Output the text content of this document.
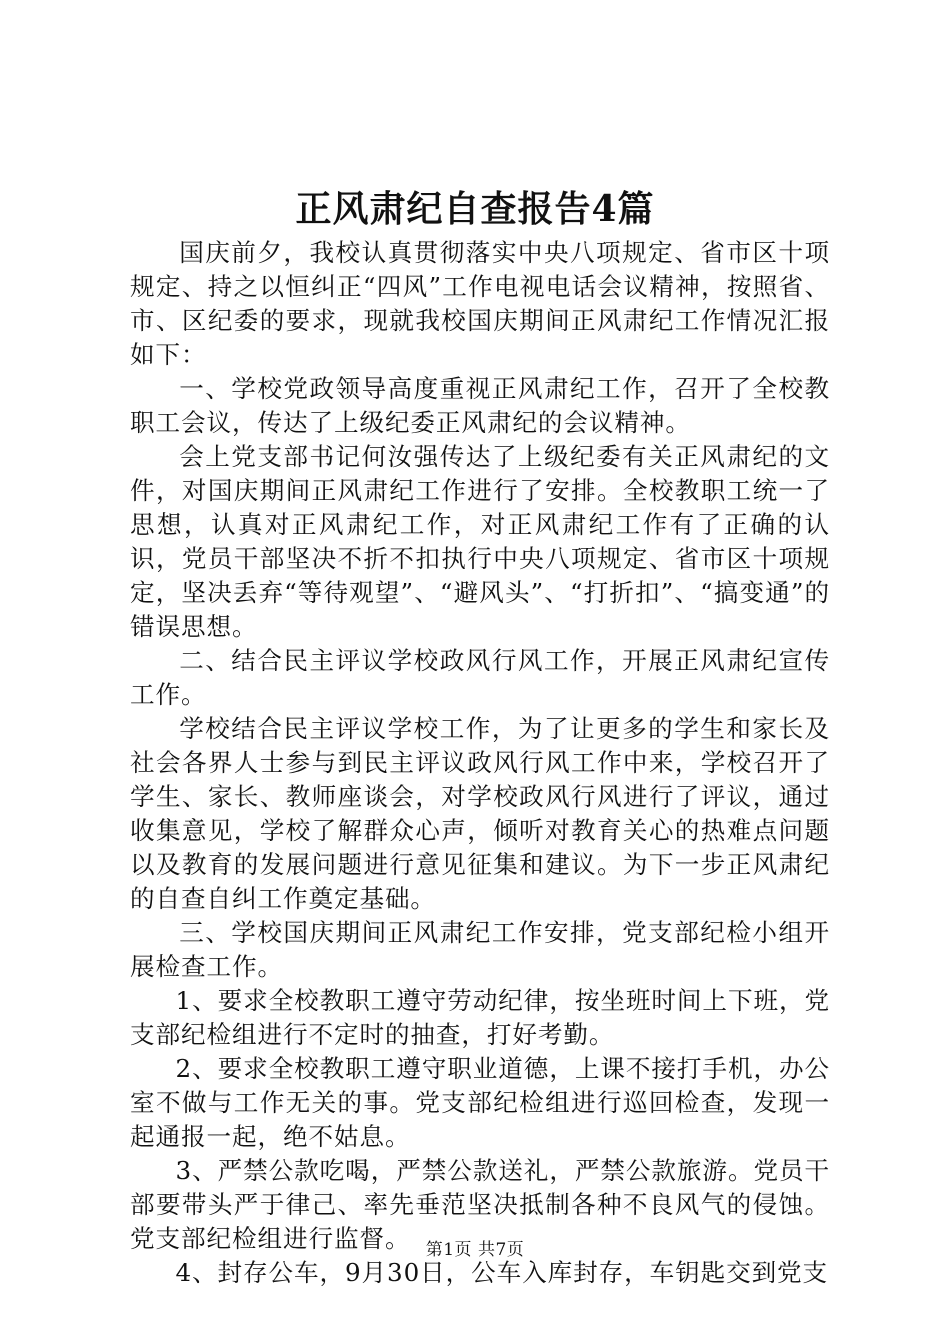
正风肃纪自查报告4篇

国庆前夕，我校认真贯彻落实中央八项规定、省市区十项规定、持之以恒纠正“四风”工作电视电话会议精神，按照省、市、区纪委的要求，现就我校国庆期间正风肃纪工作情况汇报如下：

一、学校党政领导高度重视正风肃纪工作，召开了全校教职工会议，传达了上级纪委正风肃纪的会议精神。

会上党支部书记何汝强传达了上级纪委有关正风肃纪的文件，对国庆期间正风肃纪工作进行了安排。全校教职工统一了思想，认真对正风肃纪工作，对正风肃纪工作有了正确的认识，党员干部坚决不折不扣执行中央八项规定、省市区十项规定，坚决丢弃“等待观望”、“避风头”、“打折扣”、“搞变通”的错误思想。

二、结合民主评议学校政风行风工作，开展正风肃纪宣传工作。

学校结合民主评议学校工作，为了让更多的学生和家长及社会各界人士参与到民主评议政风行风工作中来，学校召开了学生、家长、教师座谈会，对学校政风行风进行了评议，通过收集意见，学校了解群众心声，倾听对教育关心的热难点问题以及教育的发展问题进行意见征集和建议。为下一步正风肃纪的自查自纠工作奠定基础。

三、学校国庆期间正风肃纪工作安排，党支部纪检小组开展检查工作。

1、要求全校教职工遵守劳动纪律，按坐班时间上下班，党支部纪检组进行不定时的抽查，打好考勤。

2、要求全校教职工遵守职业道德，上课不接打手机，办公室不做与工作无关的事。党支部纪检组进行巡回检查，发现一起通报一起，绝不姑息。

3、严禁公款吃喝，严禁公款送礼，严禁公款旅游。党员干部要带头严于律己、率先垂范坚决抵制各种不良风气的侵蚀。党支部纪检组进行监督。

4、封存公车，9月30日，公车入库封存，车钥匙交到党支

第1页 共7页
